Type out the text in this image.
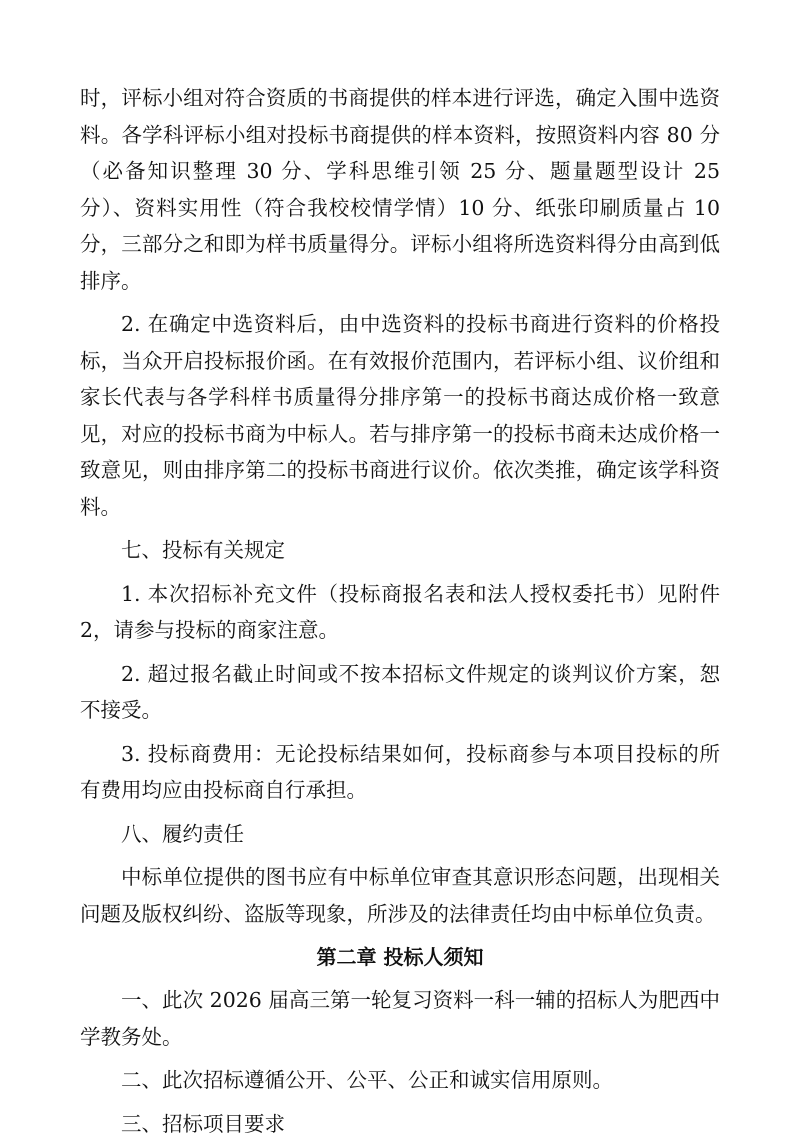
时，评标小组对符合资质的书商提供的样本进行评选，确定入围中选资料。各学科评标小组对投标书商提供的样本资料，按照资料内容 80 分（必备知识整理 30 分、学科思维引领 25 分、题量题型设计 25 分）、资料实用性（符合我校校情学情）10 分、纸张印刷质量占 10 分，三部分之和即为样书质量得分。评标小组将所选资料得分由高到低排序。

2. 在确定中选资料后，由中选资料的投标书商进行资料的价格投标，当众开启投标报价函。在有效报价范围内，若评标小组、议价组和家长代表与各学科样书质量得分排序第一的投标书商达成价格一致意见，对应的投标书商为中标人。若与排序第一的投标书商未达成价格一致意见，则由排序第二的投标书商进行议价。依次类推，确定该学科资料。

七、投标有关规定

1. 本次招标补充文件（投标商报名表和法人授权委托书）见附件 2，请参与投标的商家注意。

2. 超过报名截止时间或不按本招标文件规定的谈判议价方案，恕不接受。

3. 投标商费用：无论投标结果如何，投标商参与本项目投标的所有费用均应由投标商自行承担。

八、履约责任

中标单位提供的图书应有中标单位审查其意识形态问题，出现相关问题及版权纠纷、盗版等现象，所涉及的法律责任均由中标单位负责。

第二章 投标人须知

一、此次 2026 届高三第一轮复习资料一科一辅的招标人为肥西中学教务处。

二、此次招标遵循公开、公平、公正和诚实信用原则。

三、招标项目要求
